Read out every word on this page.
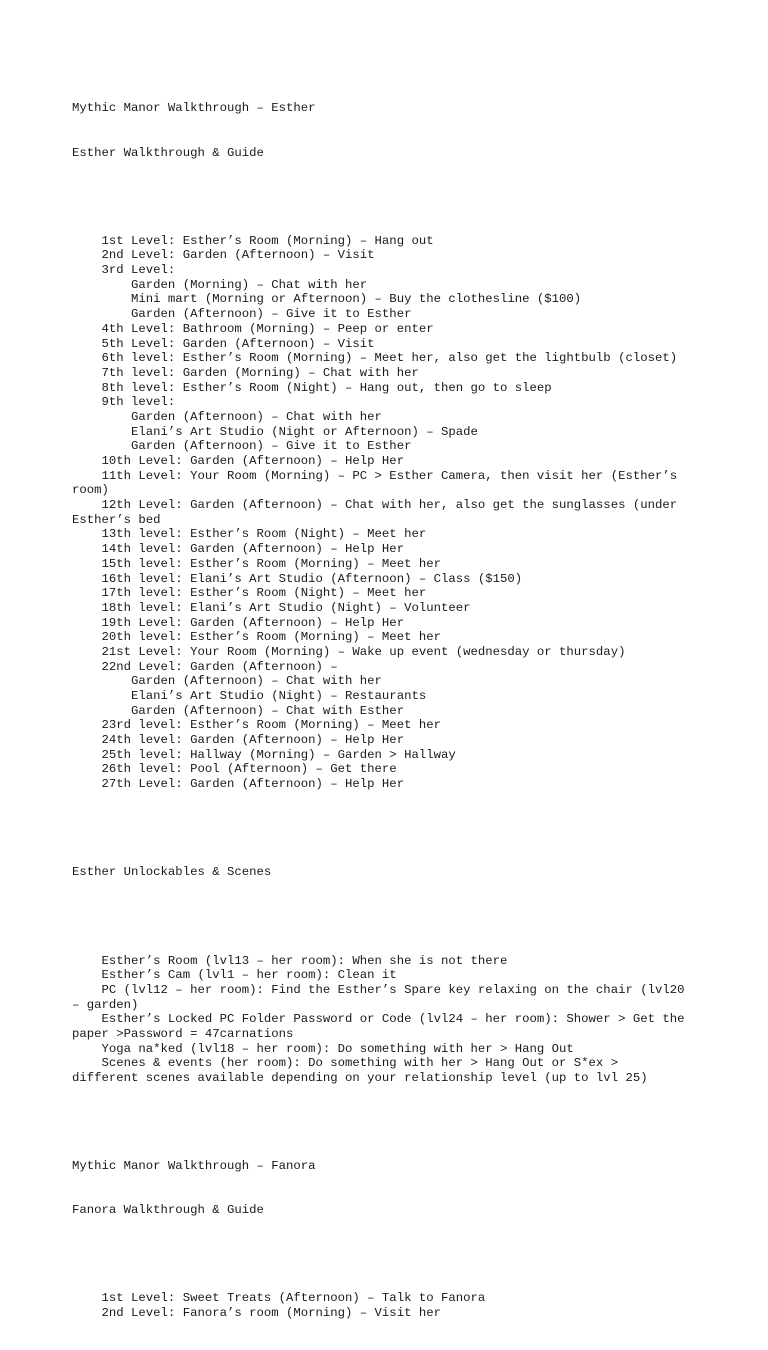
Mythic Manor Walkthrough – Esther

Esther Walkthrough & Guide

1st Level: Esther’s Room (Morning) – Hang out
2nd Level: Garden (Afternoon) – Visit
3rd Level:
Garden (Morning) – Chat with her
Mini mart (Morning or Afternoon) – Buy the clothesline ($100)
Garden (Afternoon) – Give it to Esther
4th Level: Bathroom (Morning) – Peep or enter
5th Level: Garden (Afternoon) – Visit
6th level: Esther’s Room (Morning) – Meet her, also get the lightbulb (closet)
7th level: Garden (Morning) – Chat with her
8th level: Esther’s Room (Night) – Hang out, then go to sleep
9th level:
Garden (Afternoon) – Chat with her
Elani’s Art Studio (Night or Afternoon) – Spade
Garden (Afternoon) – Give it to Esther
10th Level: Garden (Afternoon) – Help Her
11th Level: Your Room (Morning) – PC > Esther Camera, then visit her (Esther’s
room)
12th Level: Garden (Afternoon) – Chat with her, also get the sunglasses (under
Esther’s bed
13th level: Esther’s Room (Night) – Meet her
14th level: Garden (Afternoon) – Help Her
15th level: Esther’s Room (Morning) – Meet her
16th level: Elani’s Art Studio (Afternoon) – Class ($150)
17th level: Esther’s Room (Night) – Meet her
18th level: Elani’s Art Studio (Night) – Volunteer
19th Level: Garden (Afternoon) – Help Her
20th level: Esther’s Room (Morning) – Meet her
21st Level: Your Room (Morning) – Wake up event (wednesday or thursday)
22nd Level: Garden (Afternoon) –
Garden (Afternoon) – Chat with her
Elani’s Art Studio (Night) – Restaurants
Garden (Afternoon) – Chat with Esther
23rd level: Esther’s Room (Morning) – Meet her
24th level: Garden (Afternoon) – Help Her
25th level: Hallway (Morning) – Garden > Hallway
26th level: Pool (Afternoon) – Get there
27th Level: Garden (Afternoon) – Help Her

Esther Unlockables & Scenes

Esther’s Room (lvl13 – her room): When she is not there
Esther’s Cam (lvl1 – her room): Clean it
PC (lvl12 – her room): Find the Esther’s Spare key relaxing on the chair (lvl20
– garden)
Esther’s Locked PC Folder Password or Code (lvl24 – her room): Shower > Get the
paper >Password = 47carnations
Yoga na*ked (lvl18 – her room): Do something with her > Hang Out
Scenes & events (her room): Do something with her > Hang Out or S*ex >
different scenes available depending on your relationship level (up to lvl 25)

Mythic Manor Walkthrough – Fanora

Fanora Walkthrough & Guide

1st Level: Sweet Treats (Afternoon) – Talk to Fanora
2nd Level: Fanora’s room (Morning) – Visit her
